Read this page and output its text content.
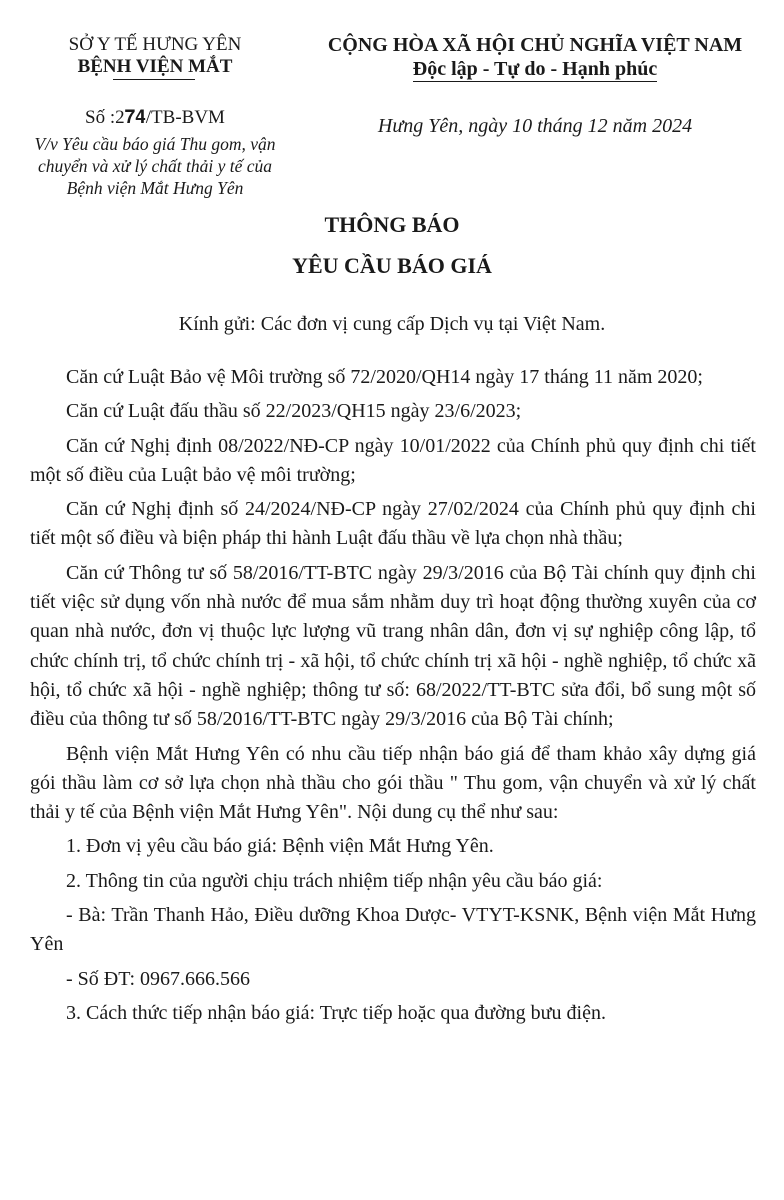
SỞ Y TẾ HƯNG YÊN
BỆNH VIỆN MẮT
Số :2𝟕𝟒/TB-BVM
V/v Yêu cầu báo giá Thu gom, vận chuyển và xử lý chất thải y tế của Bệnh viện Mắt Hưng Yên
CỘNG HÒA XÃ HỘI CHỦ NGHĨA VIỆT NAM
Độc lập - Tự do - Hạnh phúc
Hưng Yên, ngày 10 tháng 12 năm 2024
THÔNG BÁO
YÊU CẦU BÁO GIÁ
Kính gửi: Các đơn vị cung cấp Dịch vụ tại Việt Nam.

Căn cứ Luật Bảo vệ Môi trường số 72/2020/QH14 ngày 17 tháng 11 năm 2020;

Căn cứ Luật đấu thầu số 22/2023/QH15 ngày 23/6/2023;

Căn cứ Nghị định 08/2022/NĐ-CP ngày 10/01/2022 của Chính phủ quy định chi tiết một số điều của Luật bảo vệ môi trường;

Căn cứ Nghị định số 24/2024/NĐ-CP ngày 27/02/2024 của Chính phủ quy định chi tiết một số điều và biện pháp thi hành Luật đấu thầu về lựa chọn nhà thầu;

Căn cứ Thông tư số 58/2016/TT-BTC ngày 29/3/2016 của Bộ Tài chính quy định chi tiết việc sử dụng vốn nhà nước để mua sắm nhằm duy trì hoạt động thường xuyên của cơ quan nhà nước, đơn vị thuộc lực lượng vũ trang nhân dân, đơn vị sự nghiệp công lập, tổ chức chính trị, tổ chức chính trị - xã hội, tổ chức chính trị xã hội - nghề nghiệp, tổ chức xã hội, tổ chức xã hội - nghề nghiệp; thông tư số: 68/2022/TT-BTC sửa đổi, bổ sung một số điều của thông tư số 58/2016/TT-BTC ngày 29/3/2016 của Bộ Tài chính;

Bệnh viện Mắt Hưng Yên có nhu cầu tiếp nhận báo giá để tham khảo xây dựng giá gói thầu làm cơ sở lựa chọn nhà thầu cho gói thầu " Thu gom, vận chuyển và xử lý chất thải y tế của Bệnh viện Mắt Hưng Yên". Nội dung cụ thể như sau:

1. Đơn vị yêu cầu báo giá: Bệnh viện Mắt Hưng Yên.

2. Thông tin của người chịu trách nhiệm tiếp nhận yêu cầu báo giá:

- Bà: Trần Thanh Hảo, Điều dưỡng Khoa Dược- VTYT-KSNK, Bệnh viện Mắt Hưng Yên

- Số ĐT: 0967.666.566

3. Cách thức tiếp nhận báo giá: Trực tiếp hoặc qua đường bưu điện.
